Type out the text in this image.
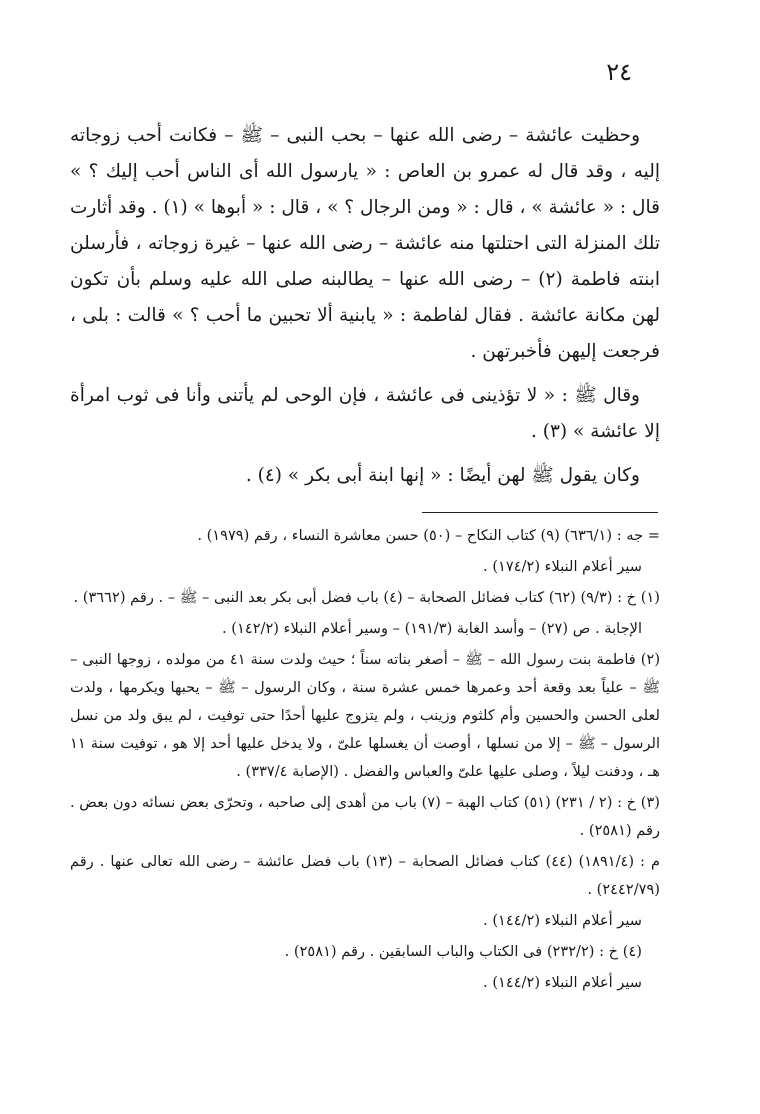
٢٤

وحظيت عائشة – رضى الله عنها – بحب النبى – ﷺ – فكانت أحب زوجاته إليه ، وقد قال له عمرو بن العاص : « يارسول الله أى الناس أحب إليك ؟ » قال : « عائشة » ، قال : « ومن الرجال ؟ » ، قال : « أبوها » (١) . وقد أثارت تلك المنزلة التى احتلتها منه عائشة – رضى الله عنها – غيرة زوجاته ، فأرسلن ابنته فاطمة (٢) – رضى الله عنها – يطالبنه صلى الله عليه وسلم بأن تكون لهن مكانة عائشة . فقال لفاطمة : « يابنية ألا تحبين ما أحب ؟ » قالت : بلى ، فرجعت إليهن فأخبرتهن .

وقال ﷺ : « لا تؤذينى فى عائشة ، فإن الوحى لم يأتنى وأنا فى ثوب امرأة إلا عائشة » (٣) .

وكان يقول ﷺ لهن أيضًا : « إنها ابنة أبى بكر » (٤) .

= جه : (٦٣٦/١) (٩) كتاب النكاح – (٥٠) حسن معاشرة النساء ، رقم (١٩٧٩) .

سير أعلام النبلاء (١٧٤/٢) .

(١) خ : (٩/٣) (٦٢) كتاب فضائل الصحابة – (٤) باب فضل أبى بكر بعد النبى – ﷺ – . رقم (٣٦٦٢) .

الإجابة . ص (٢٧) – وأسد الغابة (١٩١/٣) – وسير أعلام النبلاء (١٤٢/٢) .

(٢) فاطمة بنت رسول الله – ﷺ – أصغر بناته سناً ؛ حيث ولدت سنة ٤١ من مولده ، زوجها النبى – ﷺ – علياً بعد وقعة أحد وعمرها خمس عشرة سنة ، وكان الرسول – ﷺ – يحبها ويكرمها ، ولدت لعلى الحسن والحسين وأم كلثوم وزينب ، ولم يتزوج عليها أحدًا حتى توفيت ، لم يبق ولد من نسل الرسول – ﷺ – إلا من نسلها ، أوصت أن يغسلها علىّ ، ولا يدخل عليها أحد إلا هو ، توفيت سنة ١١ هـ ، ودفنت ليلاً ، وصلى عليها علىّ والعباس والفضل . (الإصابة ٣٣٧/٤) .

(٣) خ : (٢ / ٢٣١) (٥١) كتاب الهبة – (٧) باب من أهدى إلى صاحبه ، وتحرّى بعض نسائه دون بعض . رقم (٢٥٨١) .

م : (١٨٩١/٤) (٤٤) كتاب فضائل الصحابة – (١٣) باب فضل عائشة – رضى الله تعالى عنها . رقم (٢٤٤٢/٧٩) .

سير أعلام النبلاء (١٤٤/٢) .

(٤) خ : (٢٣٢/٢) فى الكتاب والباب السابقين . رقم (٢٥٨١) .

سير أعلام النبلاء (١٤٤/٢) .
